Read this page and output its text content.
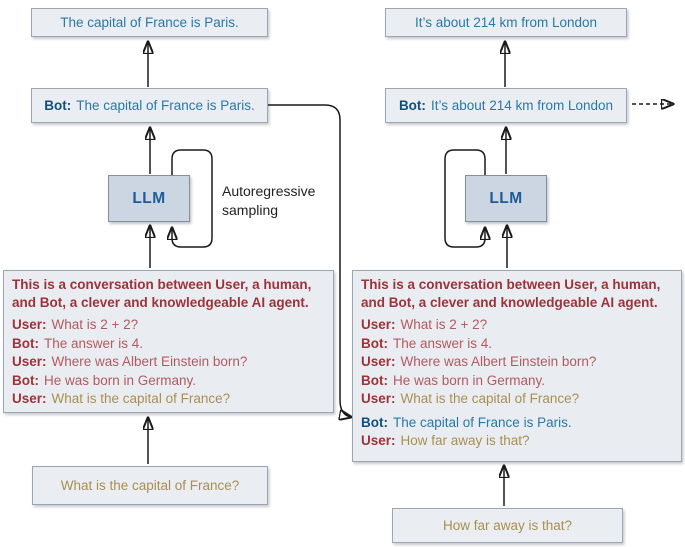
The capital of France is Paris.
Bot: The capital of France is Paris.
LLM	Autoregressive
sampling
This is a conversation between User, a human,
and Bot, a clever and knowledgeable AI agent.
User: What is 2 + 2?
Bot: The answer is 4.
User: Where was Albert Einstein born?
Bot: He was born in Germany.
User: What is the capital of France?
What is the capital of France?
It’s about 214 km from London
Bot: It’s about 214 km from London
LLM
This is a conversation between User, a human,
and Bot, a clever and knowledgeable AI agent.
User: What is 2 + 2?
Bot: The answer is 4.
User: Where was Albert Einstein born?
Bot: He was born in Germany.
User: What is the capital of France?
Bot: The capital of France is Paris.
User: How far away is that?
How far away is that?
